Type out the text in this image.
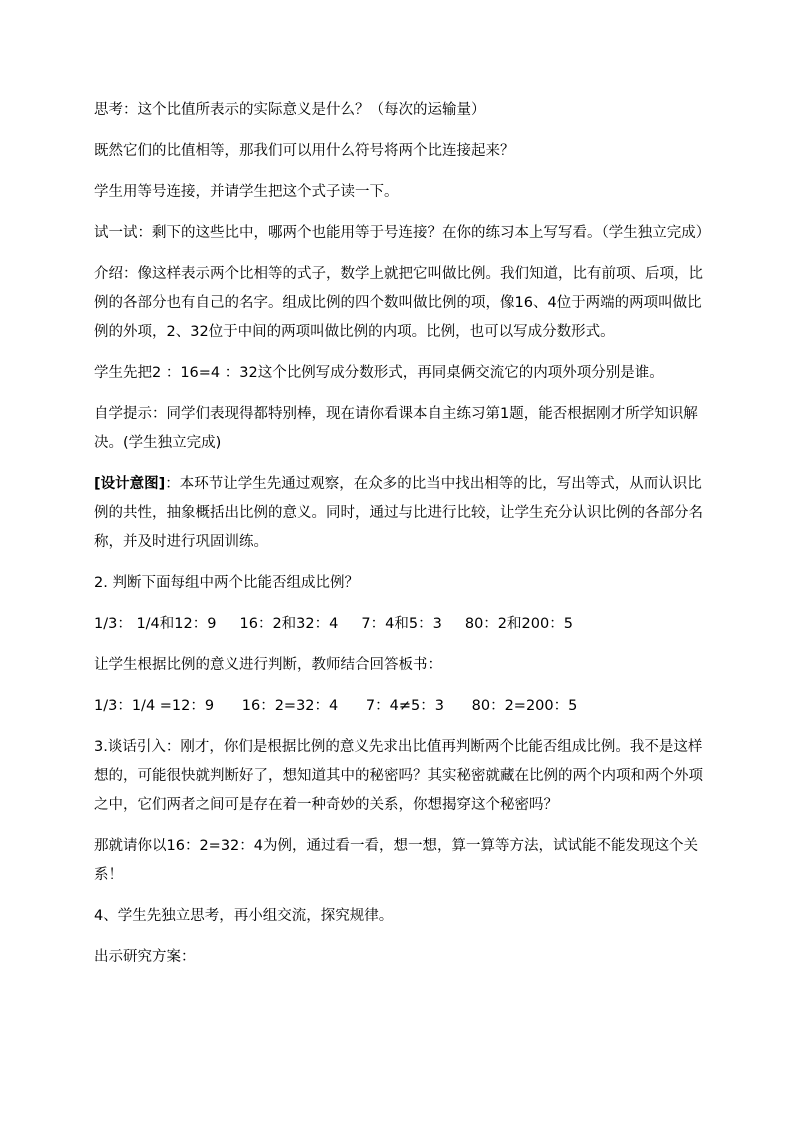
思考：这个比值所表示的实际意义是什么？（每次的运输量）

既然它们的比值相等，那我们可以用什么符号将两个比连接起来？

学生用等号连接，并请学生把这个式子读一下。

试一试：剩下的这些比中，哪两个也能用等于号连接？在你的练习本上写写看。（学生独立完成）

介绍：像这样表示两个比相等的式子，数学上就把它叫做比例。我们知道，比有前项、后项，比例的各部分也有自己的名字。组成比例的四个数叫做比例的项，像16、4位于两端的两项叫做比例的外项，2、32位于中间的两项叫做比例的内项。比例，也可以写成分数形式。

学生先把2 ：16=4 ：32这个比例写成分数形式，再同桌俩交流它的内项外项分别是谁。

自学提示：同学们表现得都特别棒，现在请你看课本自主练习第1题，能否根据刚才所学知识解决。(学生独立完成)

[设计意图]：本环节让学生先通过观察，在众多的比当中找出相等的比，写出等式，从而认识比例的共性，抽象概括出比例的意义。同时，通过与比进行比较，让学生充分认识比例的各部分名称，并及时进行巩固训练。

2. 判断下面每组中两个比能否组成比例？

1/3： 1/4和12：9     16：2和32：4     7：4和5：3     80：2和200：5

让学生根据比例的意义进行判断，教师结合回答板书：

1/3：1/4 =12：9      16：2=32：4      7：4≠5：3      80：2=200：5

3.谈话引入：刚才，你们是根据比例的意义先求出比值再判断两个比能否组成比例。我不是这样想的，可能很快就判断好了，想知道其中的秘密吗？其实秘密就藏在比例的两个内项和两个外项之中，它们两者之间可是存在着一种奇妙的关系，你想揭穿这个秘密吗？

那就请你以16：2=32：4为例，通过看一看，想一想，算一算等方法，试试能不能发现这个关系！

4、学生先独立思考，再小组交流，探究规律。

出示研究方案：
